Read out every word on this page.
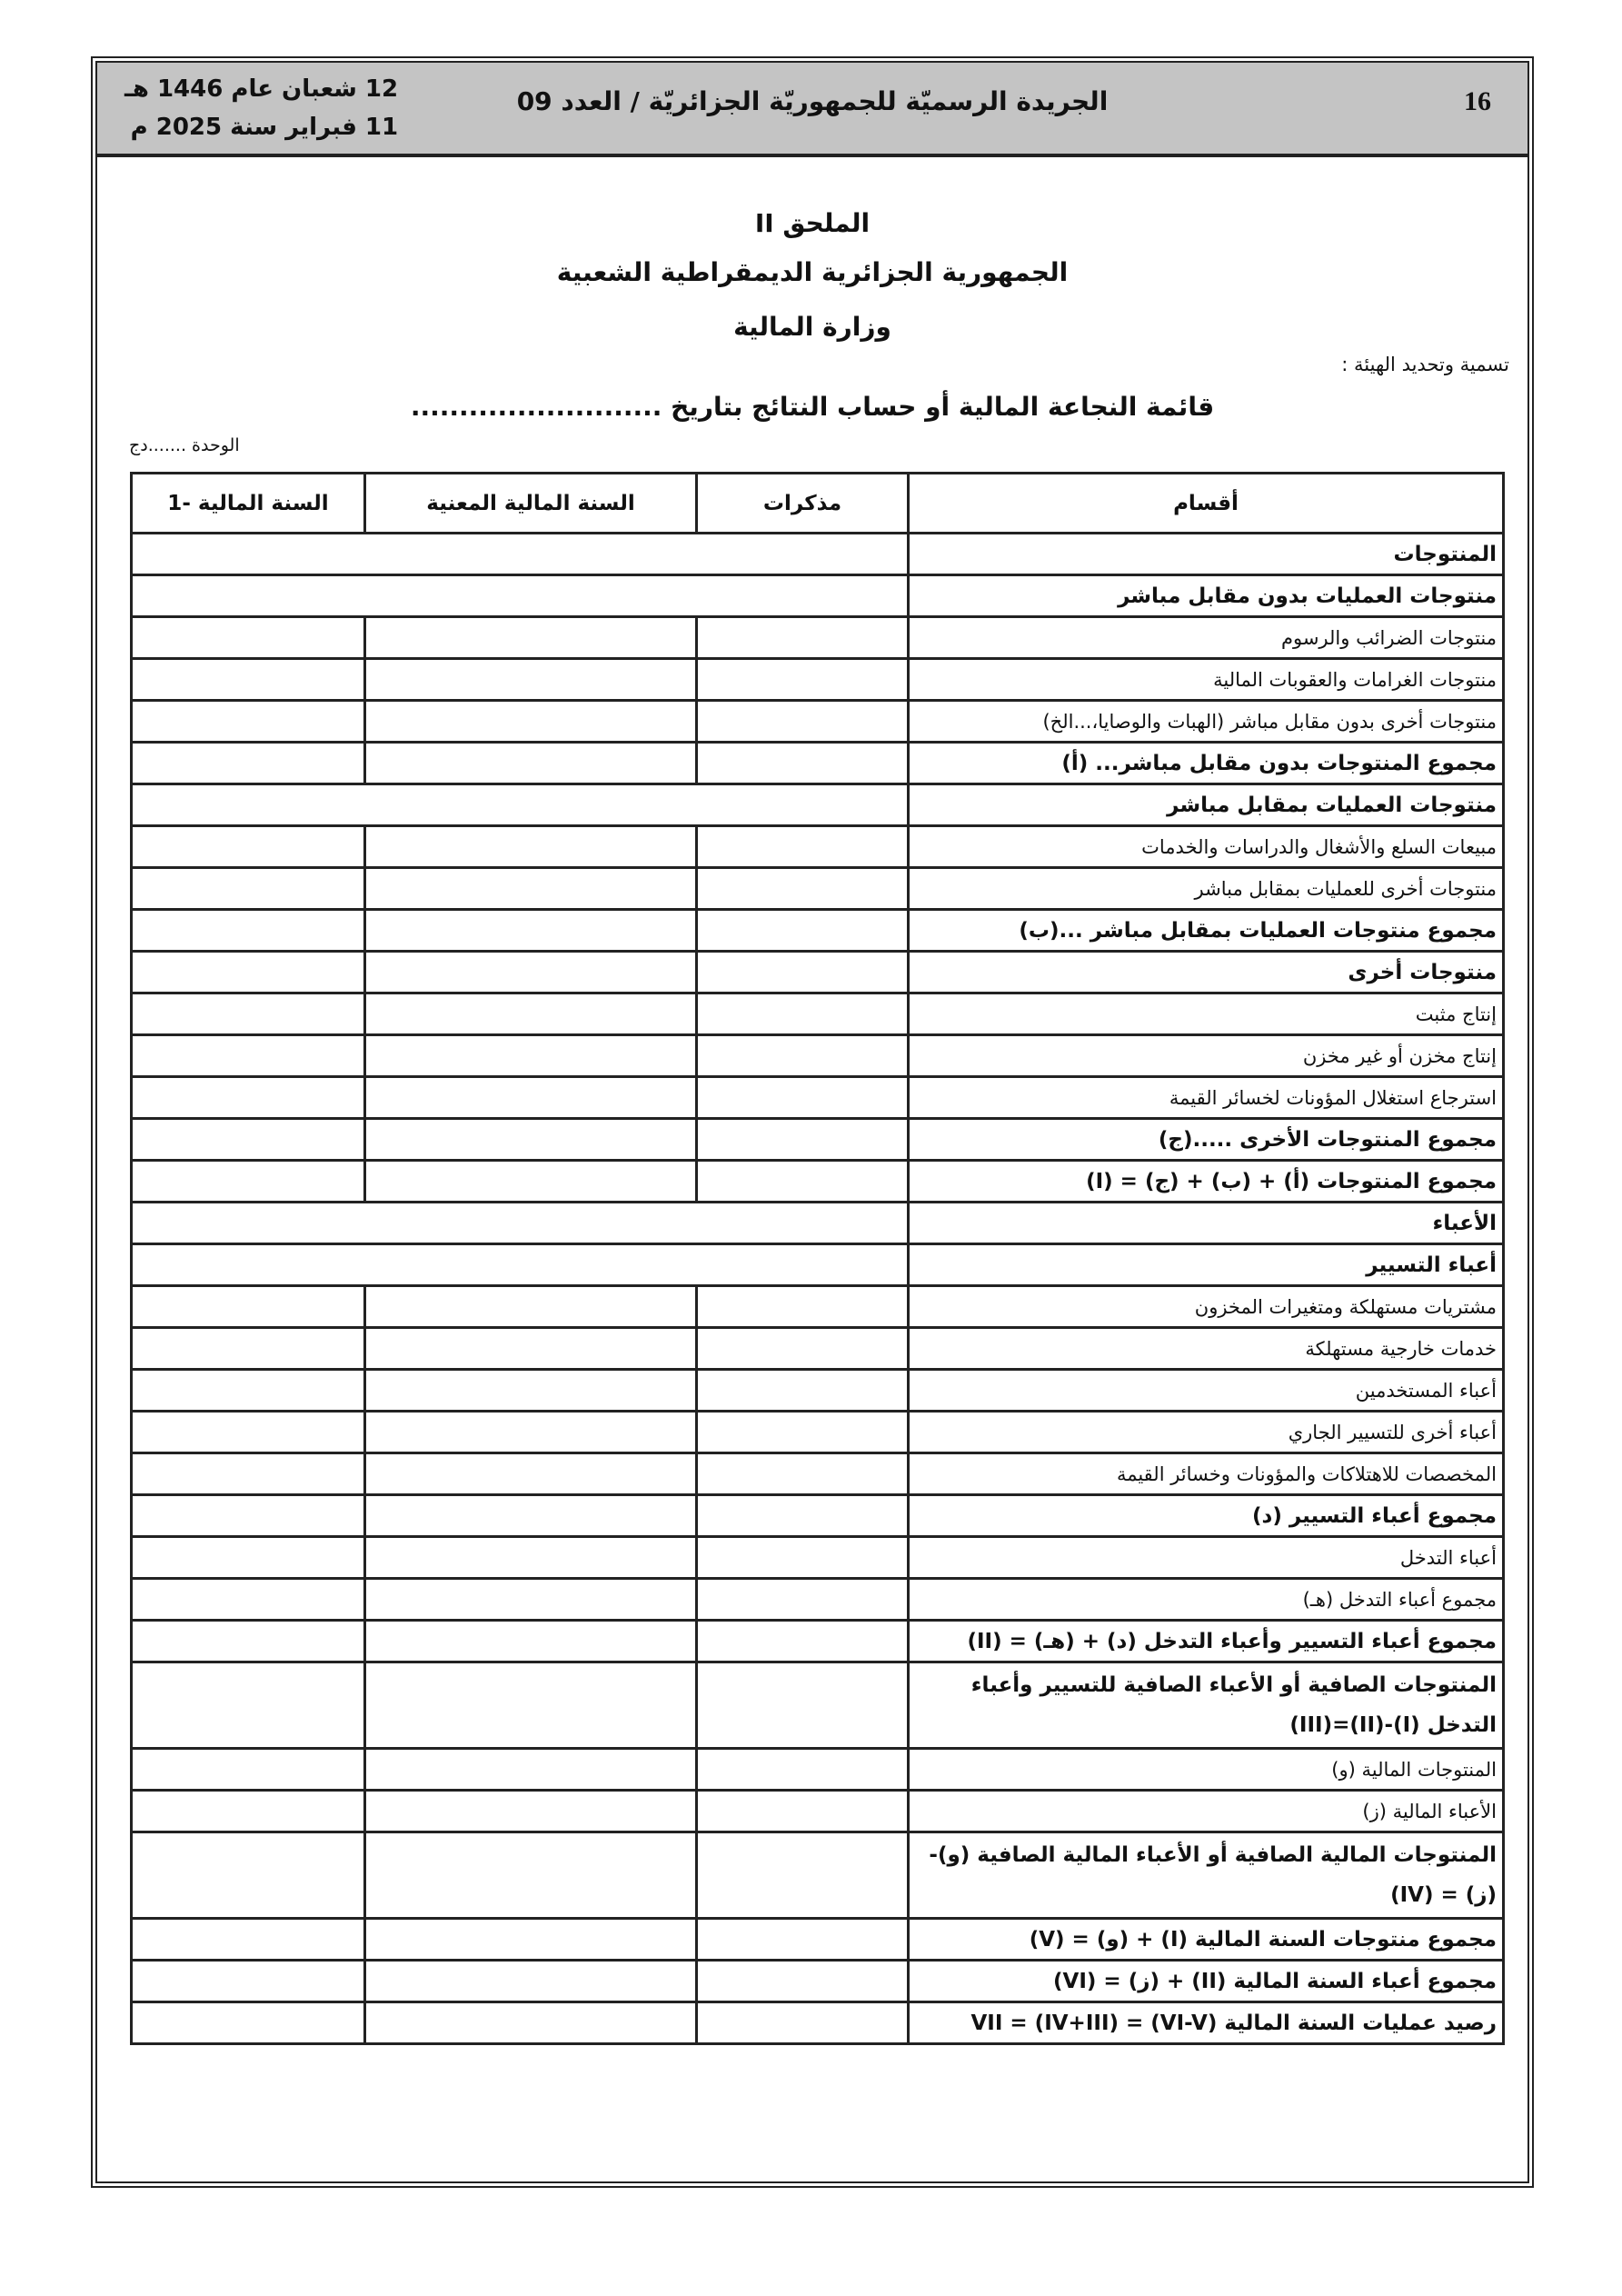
16
الجريدة الرسميّة للجمهوريّة الجزائريّة / العدد 09
12 شعبان عام 1446 هـ
11 فبراير سنة 2025 م
الملحق II
الجمهورية الجزائرية الديمقراطية الشعبية
وزارة المالية
تسمية وتحديد الهيئة :
قائمة النجاعة المالية أو حساب النتائج بتاريخ ..........................
الوحدة .......دج
أقسام	مذكرات	السنة المالية المعنية	السنة المالية -1
المنتوجات			
منتوجات العمليات بدون مقابل مباشر			
منتوجات الضرائب والرسوم			
منتوجات الغرامات والعقوبات المالية			
منتوجات أخرى بدون مقابل مباشر (الهبات والوصايا،...الخ)			
مجموع المنتوجات بدون مقابل مباشر... (أ)			
منتوجات العمليات بمقابل مباشر			
مبيعات السلع والأشغال والدراسات والخدمات			
منتوجات أخرى للعمليات بمقابل مباشر			
مجموع منتوجات العمليات بمقابل مباشر ...(ب)			
منتوجات أخرى			
إنتاج مثبت			
إنتاج مخزن أو غير مخزن			
استرجاع استغلال المؤونات لخسائر القيمة			
مجموع المنتوجات الأخرى .....(ج)			
مجموع المنتوجات (أ) + (ب) + (ج) = (I)			
الأعباء			
أعباء التسيير			
مشتريات مستهلكة ومتغيرات المخزون			
خدمات خارجية مستهلكة			
أعباء المستخدمين			
أعباء أخرى للتسيير الجاري			
المخصصات للاهتلاكات والمؤونات وخسائر القيمة			
مجموع أعباء التسيير (د)			
أعباء التدخل			
مجموع أعباء التدخل (هـ)			
مجموع أعباء التسيير وأعباء التدخل (د) + (هـ) = (II)			
المنتوجات الصافية أو الأعباء الصافية للتسيير وأعباء التدخل (I)-(II)=(III)			
المنتوجات المالية (و)			
الأعباء المالية (ز)			
المنتوجات المالية الصافية أو الأعباء المالية الصافية (و)-(ز) = (IV)			
مجموع منتوجات السنة المالية (I) + (و) = (V)			
مجموع أعباء السنة المالية (II) + (ز) = (VI)			
رصيد عمليات السنة المالية VII = (IV+III) = (VI-V)			
